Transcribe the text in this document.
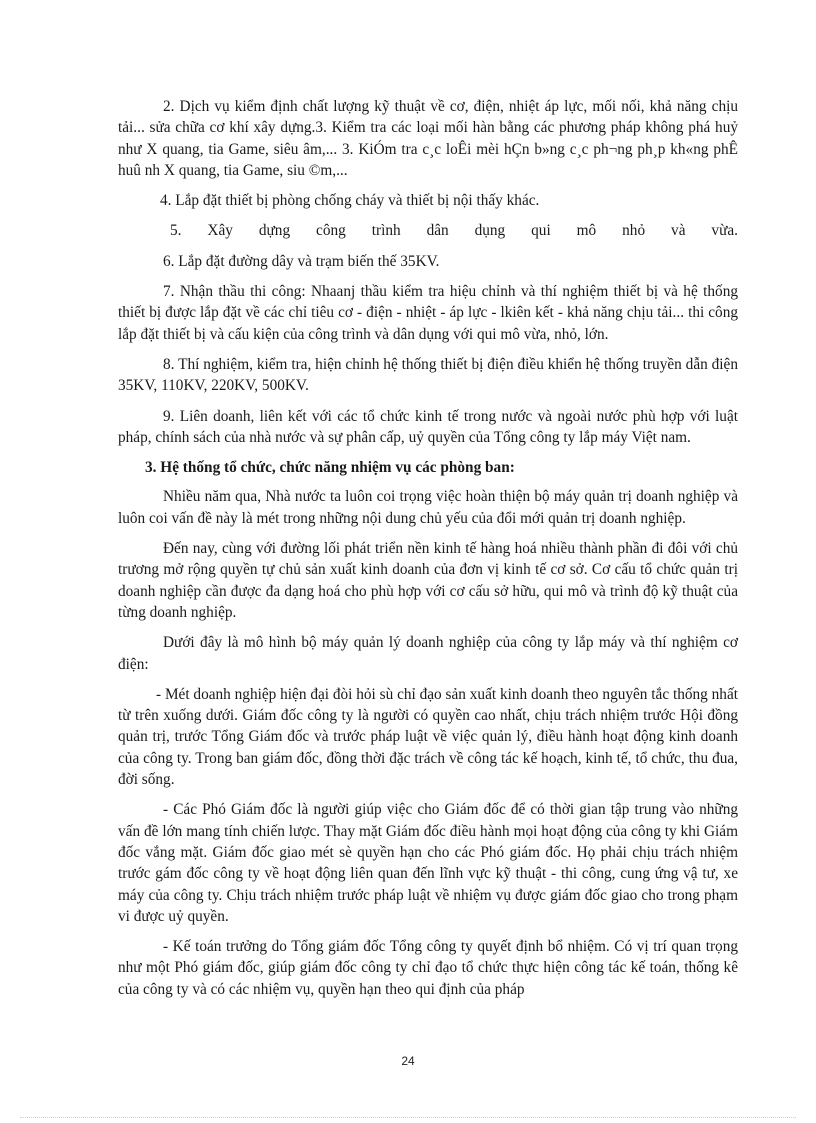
2. Dịch vụ kiểm định chất lượng kỹ thuật về cơ, điện, nhiệt áp lực, mối nối, khả năng chịu tải... sửa chữa cơ khí xây dựng.3. Kiểm tra các loại mối hàn bằng các phương pháp không phá huỷ như X quang, tia Game, siêu âm,... 3. KiÓm tra c¸c loÊi mèi hÇn b»ng c¸c ph¬ng ph¸p kh«ng phÊ huû nh X quang, tia Game, siu ©m,...

4. Lắp đặt thiết bị phòng chống cháy và thiết bị nội thấy khác.

5. Xây dựng công trình dân dụng qui mô nhỏ và vừa.

6. Lắp đặt đường dây và trạm biến thế 35KV.

7. Nhận thầu thi công: Nhaanj thầu kiểm tra hiệu chỉnh và thí nghiệm thiết bị và hệ thống thiết bị được lắp đặt về các chỉ tiêu cơ - điện - nhiệt - áp lực - lkiên kết - khả năng chịu tải... thi công lắp đặt thiết bị và cấu kiện của công trình và dân dụng với qui mô vừa, nhỏ, lớn.

8. Thí nghiệm, kiểm tra, hiện chỉnh hệ thống thiết bị điện điều khiển hệ thống truyền dẫn điện 35KV, 110KV, 220KV, 500KV.

9. Liên doanh, liên kết với các tổ chức kinh tế trong nước và ngoài nước phù hợp với luật pháp, chính sách của nhà nước và sự phân cấp, uỷ quyền của Tổng công ty lắp máy Việt nam.

3. Hệ thống tổ chức, chức năng nhiệm vụ các phòng ban:

Nhiều năm qua, Nhà nước ta luôn coi trọng việc hoàn thiện bộ máy quản trị doanh nghiệp và luôn coi vấn đề này là mét trong những nội dung chủ yếu của đổi mới quản trị doanh nghiệp.

Đến nay, cùng với đường lối phát triển nền kinh tế hàng hoá nhiều thành phần đi đôi với chủ trương mở rộng quyền tự chủ sản xuất kinh doanh của đơn vị kinh tế cơ sở. Cơ cấu tổ chức quản trị doanh nghiệp cần được đa dạng hoá cho phù hợp với cơ cấu sở hữu, qui mô và trình độ kỹ thuật của từng doanh nghiệp.

Dưới đây là mô hình bộ máy quản lý doanh nghiệp của công ty lắp máy và thí nghiệm cơ điện:

- Mét doanh nghiệp hiện đại đòi hỏi sù chỉ đạo sản xuất kinh doanh theo nguyên tắc thống nhất từ trên xuống dưới. Giám đốc công ty là người có quyền cao nhất, chịu trách nhiệm trước Hội đồng quản trị, trước Tổng Giám đốc và trước pháp luật về việc quản lý, điều hành hoạt động kinh doanh của công ty. Trong ban giám đốc, đồng thời đặc trách về công tác kế hoạch, kinh tế, tổ chức, thu đua, đời sống.

- Các Phó Giám đốc là người giúp việc cho Giám đốc để có thời gian tập trung vào những vấn đề lớn mang tính chiến lược. Thay mặt Giám đốc điều hành mọi hoạt động của công ty khi Giám đốc vắng mặt. Giám đốc giao mét sè quyền hạn cho các Phó giám đốc. Họ phải chịu trách nhiệm trước gám đốc công ty về hoạt động liên quan đến lĩnh vực kỹ thuật - thi công, cung ứng vậ tư, xe máy của công ty. Chịu trách nhiệm trước pháp luật về nhiệm vụ được giám đốc giao cho trong phạm vi được uỷ quyền.

- Kế toán trưởng do Tổng giám đốc Tổng công ty quyết định bổ nhiệm. Có vị trí quan trọng như một Phó giám đốc, giúp giám đốc công ty chỉ đạo tổ chức thực hiện công tác kế toán, thống kê của công ty và có các nhiệm vụ, quyền hạn theo qui định của pháp

24
